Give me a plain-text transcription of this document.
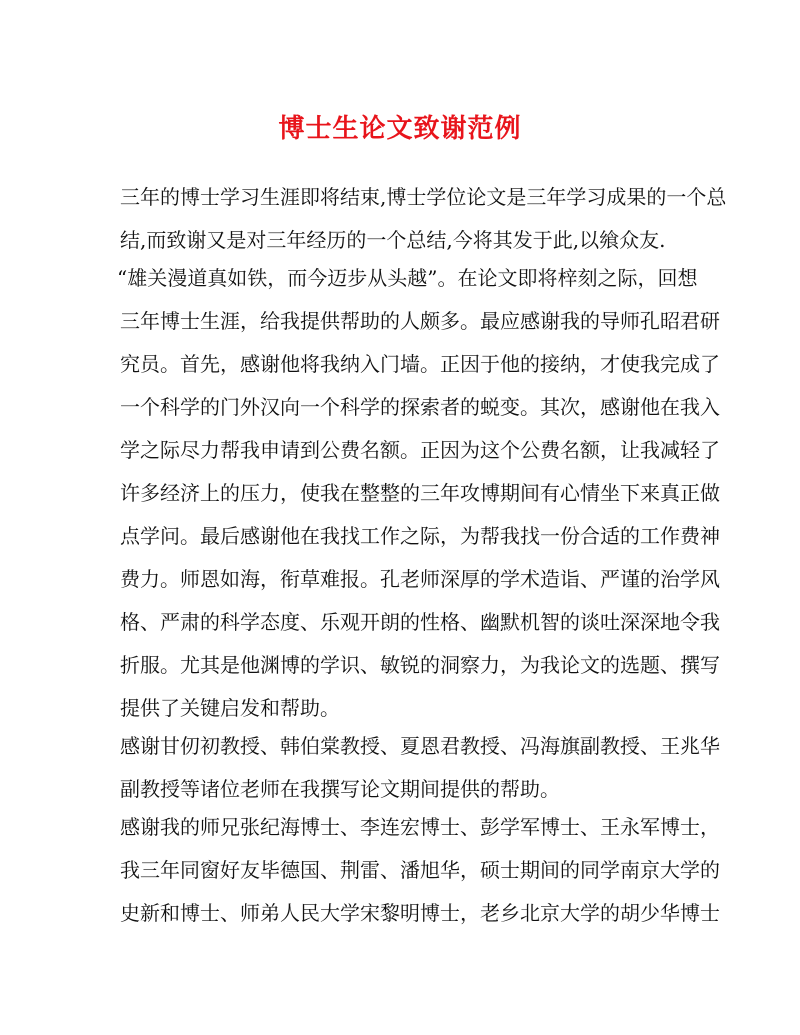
博士生论文致谢范例

三年的博士学习生涯即将结束,博士学位论文是三年学习成果的一个总

结,而致谢又是对三年经历的一个总结,今将其发于此,以飨众友.

“雄关漫道真如铁，而今迈步从头越”。在论文即将梓刻之际，回想

三年博士生涯，给我提供帮助的人颇多。最应感谢我的导师孔昭君研

究员。首先，感谢他将我纳入门墙。正因于他的接纳，才使我完成了

一个科学的门外汉向一个科学的探索者的蜕变。其次，感谢他在我入

学之际尽力帮我申请到公费名额。正因为这个公费名额，让我减轻了

许多经济上的压力，使我在整整的三年攻博期间有心情坐下来真正做

点学问。最后感谢他在我找工作之际，为帮我找一份合适的工作费神

费力。师恩如海，衔草难报。孔老师深厚的学术造诣、严谨的治学风

格、严肃的科学态度、乐观开朗的性格、幽默机智的谈吐深深地令我

折服。尤其是他渊博的学识、敏锐的洞察力，为我论文的选题、撰写

提供了关键启发和帮助。

感谢甘仞初教授、韩伯棠教授、夏恩君教授、冯海旗副教授、王兆华

副教授等诸位老师在我撰写论文期间提供的帮助。

感谢我的师兄张纪海博士、李连宏博士、彭学军博士、王永军博士，

我三年同窗好友毕德国、荆雷、潘旭华，硕士期间的同学南京大学的

史新和博士、师弟人民大学宋黎明博士，老乡北京大学的胡少华博士
